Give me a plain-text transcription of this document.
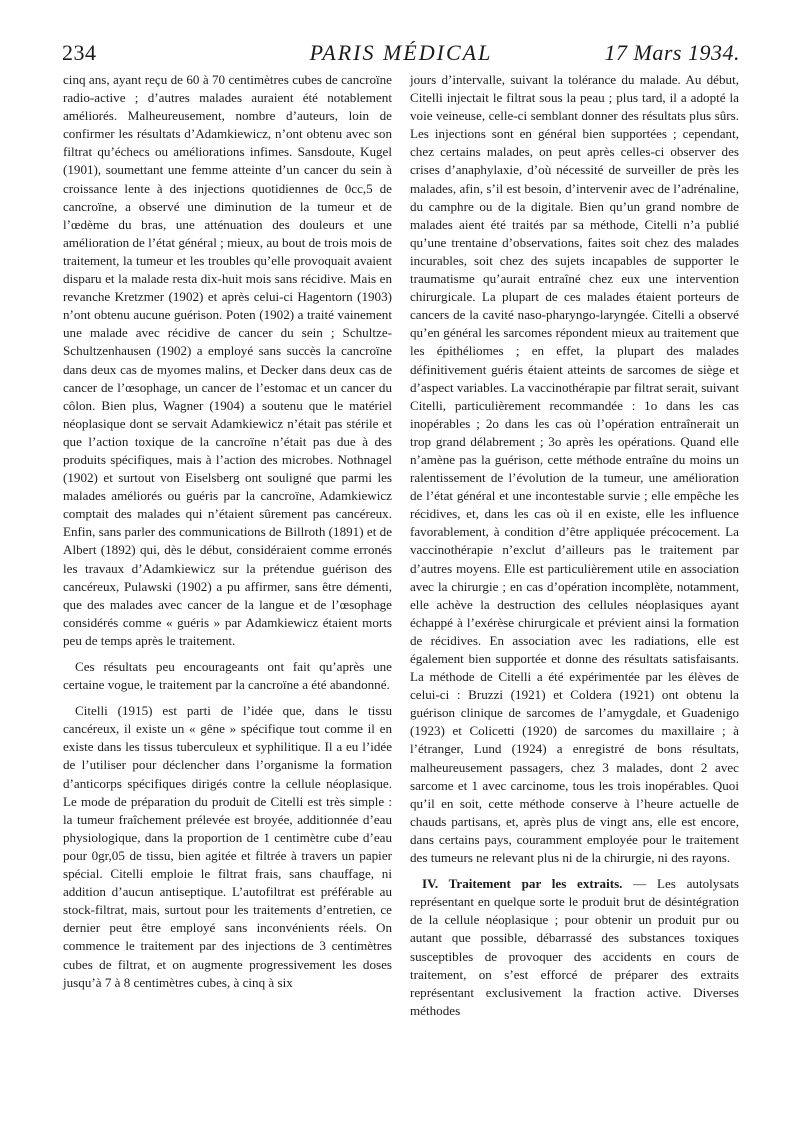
PARIS MÉDICAL
234	17 Mars 1934.

cinq ans, ayant reçu de 60 à 70 centimètres cubes de cancroïne radio-active ; d’autres malades auraient été notablement améliorés. Malheureusement, nombre d’auteurs, loin de confirmer les résultats d’Adamkiewicz, n’ont obtenu avec son filtrat qu’échecs ou améliorations infimes. Sansdoute, Kugel (1901), soumettant une femme atteinte d’un cancer du sein à croissance lente à des injections quotidiennes de 0cc,5 de cancroïne, a observé une diminution de la tumeur et de l’œdème du bras, une atténuation des douleurs et une amélioration de l’état général ; mieux, au bout de trois mois de traitement, la tumeur et les troubles qu’elle provoquait avaient disparu et la malade resta dix-huit mois sans récidive. Mais en revanche Kretzmer (1902) et après celui-ci Hagentorn (1903) n’ont obtenu aucune guérison. Poten (1902) a traité vainement une malade avec récidive de cancer du sein ; Schultze-Schultzenhausen (1902) a employé sans succès la cancroïne dans deux cas de myomes malins, et Decker dans deux cas de cancer de l’œsophage, un cancer de l’estomac et un cancer du côlon. Bien plus, Wagner (1904) a soutenu que le matériel néoplasique dont se servait Adamkiewicz n’était pas stérile et que l’action toxique de la cancroïne n’était pas due à des produits spécifiques, mais à l’action des microbes. Nothnagel (1902) et surtout von Eiselsberg ont souligné que parmi les malades améliorés ou guéris par la cancroïne, Adamkiewicz comptait des malades qui n’étaient sûrement pas cancéreux. Enfin, sans parler des communications de Billroth (1891) et de Albert (1892) qui, dès le début, considéraient comme erronés les travaux d’Adamkiewicz sur la prétendue guérison des cancéreux, Pulawski (1902) a pu affirmer, sans être démenti, que des malades avec cancer de la langue et de l’œsophage considérés comme « guéris » par Adamkiewicz étaient morts peu de temps après le traitement.

Ces résultats peu encourageants ont fait qu’après une certaine vogue, le traitement par la cancroïne a été abandonné.

Citelli (1915) est parti de l’idée que, dans le tissu cancéreux, il existe un « gêne » spécifique tout comme il en existe dans les tissus tuberculeux et syphilitique. Il a eu l’idée de l’utiliser pour déclencher dans l’organisme la formation d’anticorps spécifiques dirigés contre la cellule néoplasique. Le mode de préparation du produit de Citelli est très simple : la tumeur fraîchement prélevée est broyée, additionnée d’eau physiologique, dans la proportion de 1 centimètre cube d’eau pour 0gr,05 de tissu, bien agitée et filtrée à travers un papier spécial. Citelli emploie le filtrat frais, sans chauffage, ni addition d’aucun antiseptique. L’autofiltrat est préférable au stock-filtrat, mais, surtout pour les traitements d’entretien, ce dernier peut être employé sans inconvénients réels. On commence le traitement par des injections de 3 centimètres cubes de filtrat, et on augmente progressivement les doses jusqu’à 7 à 8 centimètres cubes, à cinq à six

jours d’intervalle, suivant la tolérance du malade. Au début, Citelli injectait le filtrat sous la peau ; plus tard, il a adopté la voie veineuse, celle-ci semblant donner des résultats plus sûrs. Les injections sont en général bien supportées ; cependant, chez certains malades, on peut après celles-ci observer des crises d’anaphylaxie, d’où nécessité de surveiller de près les malades, afin, s’il est besoin, d’intervenir avec de l’adrénaline, du camphre ou de la digitale. Bien qu’un grand nombre de malades aient été traités par sa méthode, Citelli n’a publié qu’une trentaine d’observations, faites soit chez des malades incurables, soit chez des sujets incapables de supporter le traumatisme qu’aurait entraîné chez eux une intervention chirurgicale. La plupart de ces malades étaient porteurs de cancers de la cavité naso-pharyngo-laryngée. Citelli a observé qu’en général les sarcomes répondent mieux au traitement que les épithéliomes ; en effet, la plupart des malades définitivement guéris étaient atteints de sarcomes de siège et d’aspect variables. La vaccinothérapie par filtrat serait, suivant Citelli, particulièrement recommandée : 1o dans les cas inopérables ; 2o dans les cas où l’opération entraînerait un trop grand délabrement ; 3o après les opérations. Quand elle n’amène pas la guérison, cette méthode entraîne du moins un ralentissement de l’évolution de la tumeur, une amélioration de l’état général et une incontestable survie ; elle empêche les récidives, et, dans les cas où il en existe, elle les influence favorablement, à condition d’être appliquée précocement. La vaccinothérapie n’exclut d’ailleurs pas le traitement par d’autres moyens. Elle est particulièrement utile en association avec la chirurgie ; en cas d’opération incomplète, notamment, elle achève la destruction des cellules néoplasiques ayant échappé à l’exérèse chirurgicale et prévient ainsi la formation de récidives. En association avec les radiations, elle est également bien supportée et donne des résultats satisfaisants. La méthode de Citelli a été expérimentée par les élèves de celui-ci : Bruzzi (1921) et Coldera (1921) ont obtenu la guérison clinique de sarcomes de l’amygdale, et Guadenigo (1923) et Colicetti (1920) de sarcomes du maxillaire ; à l’étranger, Lund (1924) a enregistré de bons résultats, malheureusement passagers, chez 3 malades, dont 2 avec sarcome et 1 avec carcinome, tous les trois inopérables. Quoi qu’il en soit, cette méthode conserve à l’heure actuelle de chauds partisans, et, après plus de vingt ans, elle est encore, dans certains pays, couramment employée pour le traitement des tumeurs ne relevant plus ni de la chirurgie, ni des rayons.

IV. Traitement par les extraits. — Les autolysats représentant en quelque sorte le produit brut de désintégration de la cellule néoplasique ; pour obtenir un produit pur ou autant que possible, débarrassé des substances toxiques susceptibles de provoquer des accidents en cours de traitement, on s’est efforcé de préparer des extraits représentant exclusivement la fraction active. Diverses méthodes
